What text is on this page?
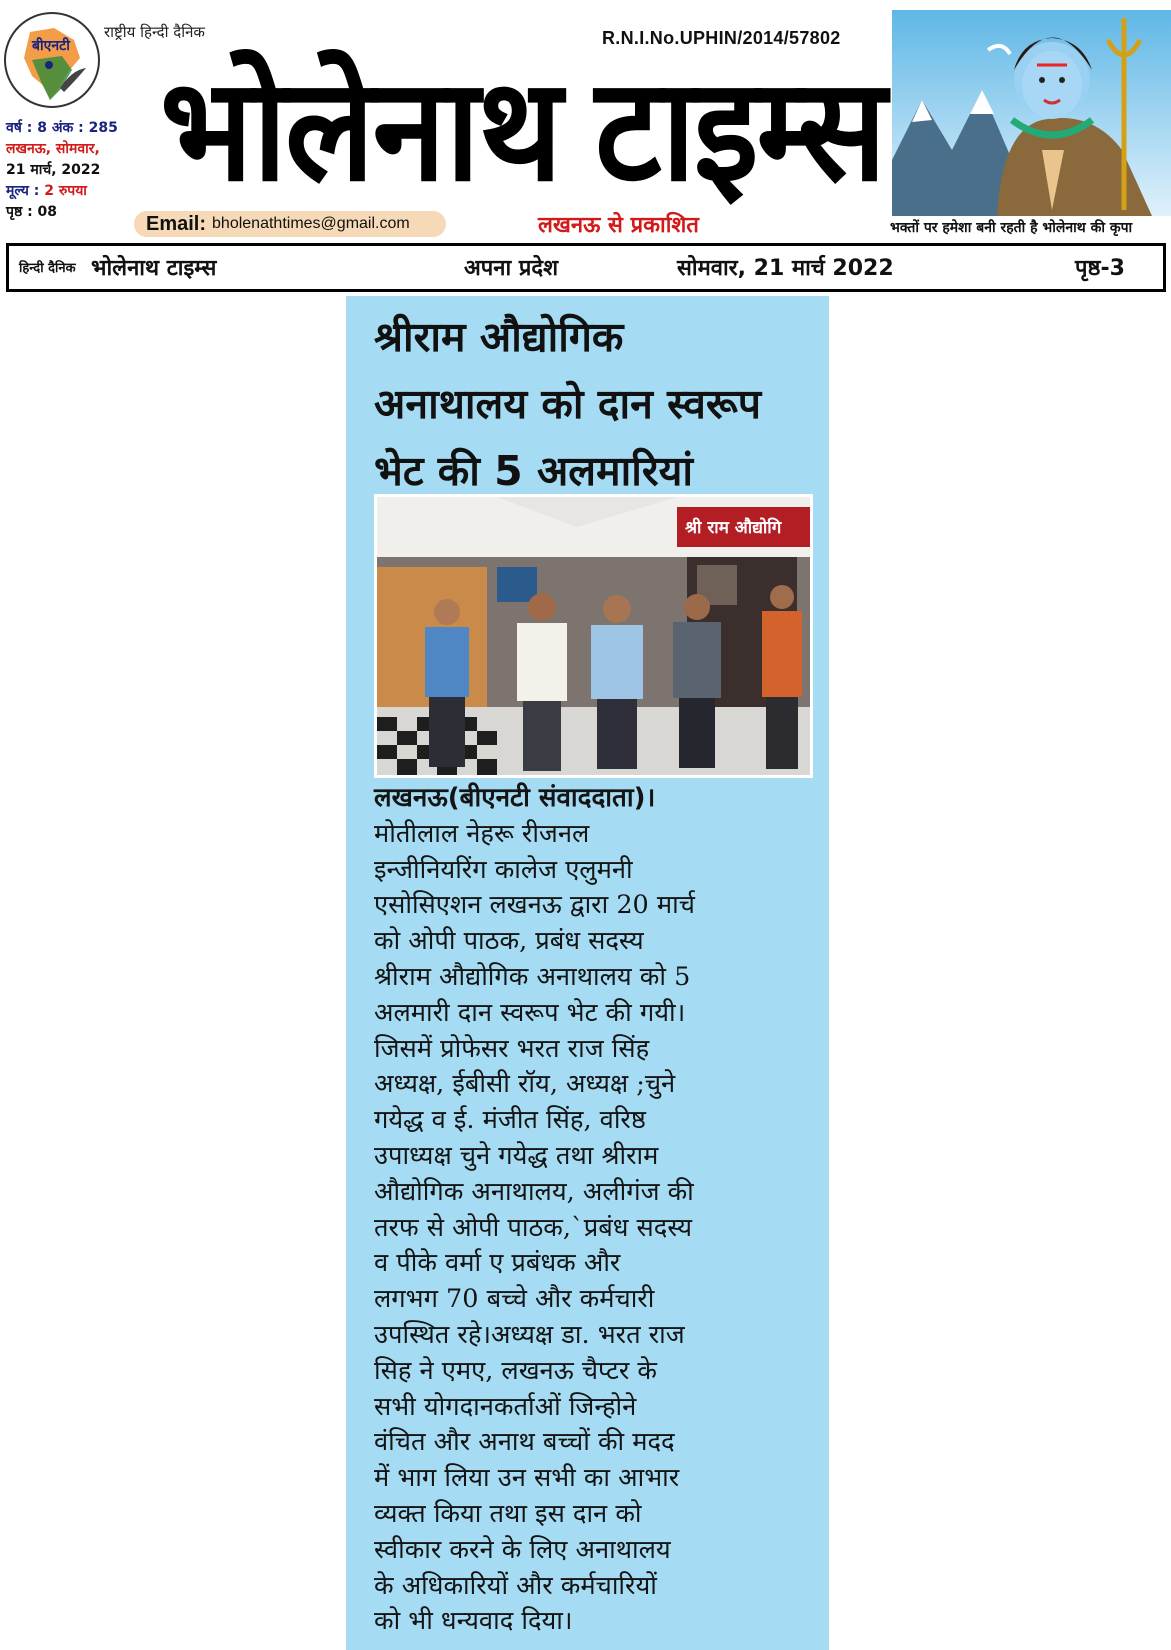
बीएनटी
राष्ट्रीय हिन्दी दैनिक	R.N.I.No.UPHIN/2014/57802
भोलेनाथ टाइम्स
वर्ष : 8 अंक : 285
लखनऊ, सोमवार,
21 मार्च, 2022
मूल्य : 2 रुपया
पृष्ठ : 08
Email: bholenathtimes@gmail.com	लखनऊ से प्रकाशित	भक्तों पर हमेशा बनी रहती है भोलेनाथ की कृपा
हिन्दी दैनिक भोलेनाथ टाइम्स	अपना प्रदेश	सोमवार, 21 मार्च 2022	पृष्ठ-3
श्रीराम औद्योगिक
अनाथालय को दान स्वरूप
भेट की 5 अलमारियां
श्री राम औद्योगि
लखनऊ(बीएनटी संवाददाता)।
मोतीलाल नेहरू रीजनल
इन्जीनियरिंग कालेज एलुमनी
एसोसिएशन लखनऊ द्वारा 20 मार्च
को ओपी पाठक, प्रबंध सदस्य
श्रीराम औद्योगिक अनाथालय को 5
अलमारी दान स्वरूप भेट की गयी।
जिसमें प्रोफेसर भरत राज सिंह
अध्यक्ष, ईबीसी रॉय, अध्यक्ष ;चुने
गयेद्ध व ई. मंजीत सिंह, वरिष्ठ
उपाध्यक्ष चुने गयेद्ध तथा श्रीराम
औद्योगिक अनाथालय, अलीगंज की
तरफ से ओपी पाठक,`प्रबंध सदस्य
व पीके वर्मा ए प्रबंधक और
लगभग 70 बच्चे और कर्मचारी
उपस्थित रहे।अध्यक्ष डा. भरत राज
सिह ने एमए, लखनऊ चैप्टर के
सभी योगदानकर्ताओं जिन्होने
वंचित और अनाथ बच्चों की मदद
में भाग लिया उन सभी का आभार
व्यक्त किया तथा इस दान को
स्वीकार करने के लिए अनाथालय
के अधिकारियों और कर्मचारियों
को भी धन्यवाद दिया।
